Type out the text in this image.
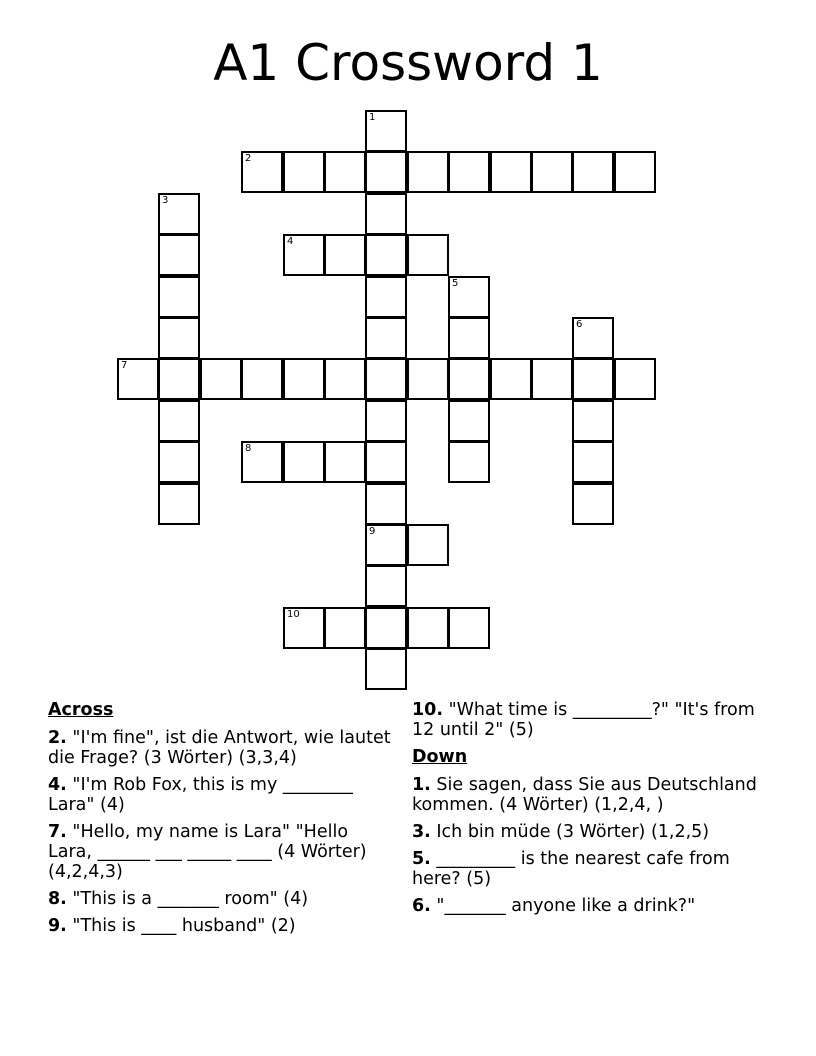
A1 Crossword 1
1
9
2
3
4
5
6
7
8
10
Across
2. "I'm fine", ist die Antwort, wie lautet die Frage? (3 Wörter) (3,3,4)
4. "I'm Rob Fox, this is my ________ Lara" (4)
7. "Hello, my name is Lara" "Hello Lara, ______ ___ _____ ____ (4 Wörter) (4,2,4,3)
8. "This is a _______ room" (4)
9. "This is ____ husband" (2)
10. "What time is _________?" "It's from 12 until 2" (5)
Down
1. Sie sagen, dass Sie aus Deutschland kommen. (4 Wörter) (1,2,4, )
3. Ich bin müde (3 Wörter) (1,2,5)
5. _________ is the nearest cafe from here? (5)
6. "_______ anyone like a drink?"
